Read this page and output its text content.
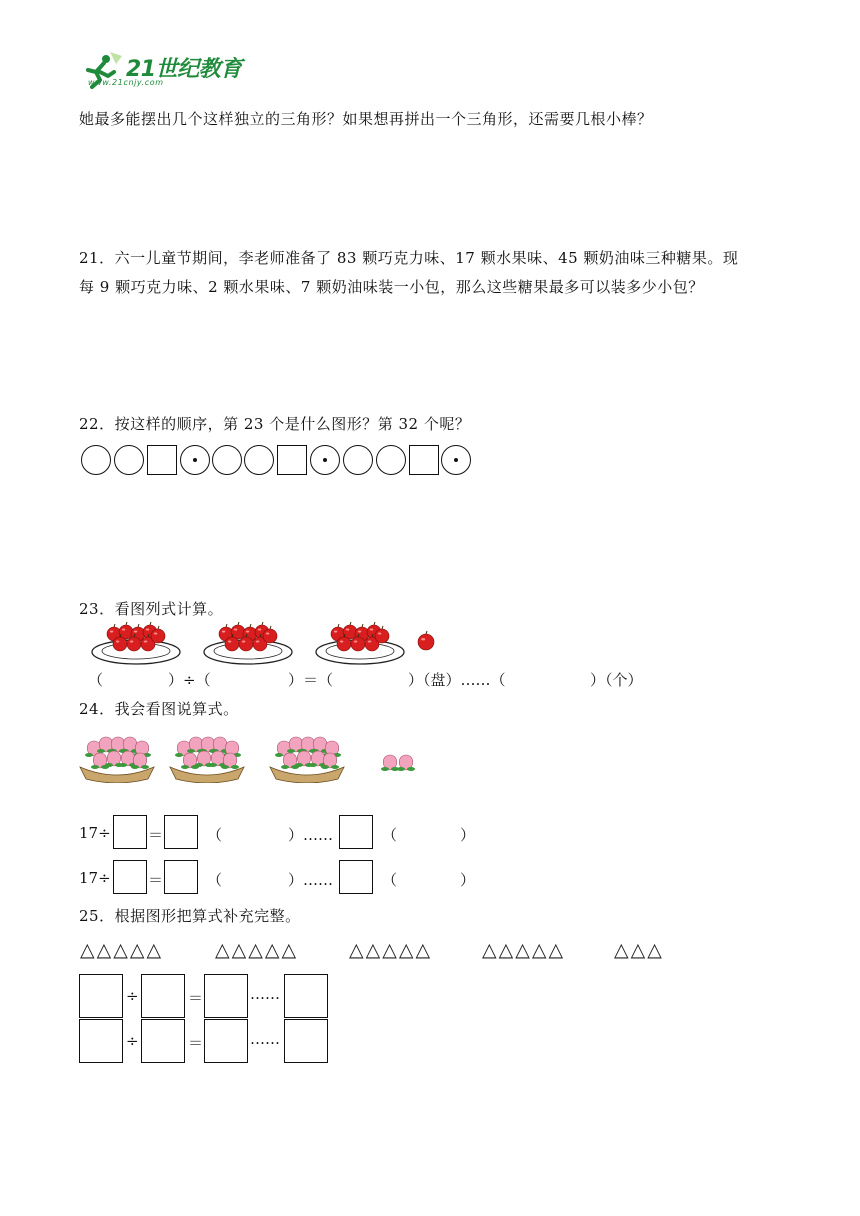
21世纪教育
www.21cnjy.com
她最多能摆出几个这样独立的三角形？如果想再拼出一个三角形，还需要几根小棒？
21．六一儿童节期间，李老师准备了 83 颗巧克力味、17 颗水果味、45 颗奶油味三种糖果。现
每 9 颗巧克力味、2 颗水果味、7 颗奶油味装一小包，那么这些糖果最多可以装多少小包？
22．按这样的顺序，第 23 个是什么图形？第 32 个呢？
23．看图列式计算。
（	）÷（	）＝（	）（盘）……（	）（个）
24．我会看图说算式。
17÷ ＝	（	）……	（	）
17÷ ＝	（	）……	（	）
25．根据图形把算式补充完整。
△△△△△	△△△△△	△△△△△	△△△△△	△△△
÷	＝	……
÷	＝	……
